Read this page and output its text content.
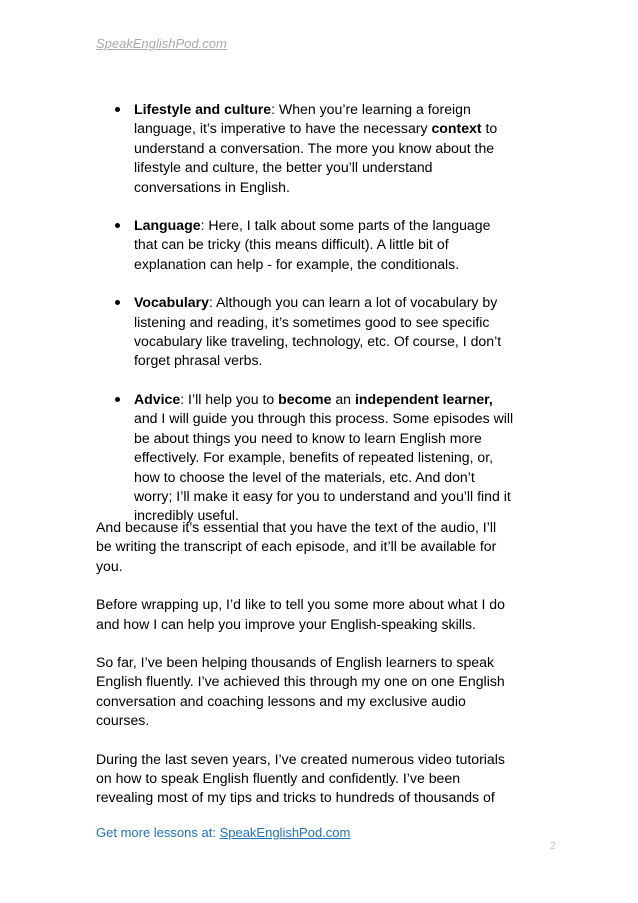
SpeakEnglishPod.com
Lifestyle and culture: When you’re learning a foreign
language, it’s imperative to have the necessary context to
understand a conversation. The more you know about the
lifestyle and culture, the better you’ll understand
conversations in English.
Language: Here, I talk about some parts of the language
that can be tricky (this means difficult). A little bit of
explanation can help - for example, the conditionals.
Vocabulary: Although you can learn a lot of vocabulary by
listening and reading, it’s sometimes good to see specific
vocabulary like traveling, technology, etc. Of course, I don’t
forget phrasal verbs.
Advice: I’ll help you to become an independent learner,
and I will guide you through this process. Some episodes will
be about things you need to know to learn English more
effectively. For example, benefits of repeated listening, or,
how to choose the level of the materials, etc. And don’t
worry; I’ll make it easy for you to understand and you’ll find it
incredibly useful.
And because it’s essential that you have the text of the audio, I’ll
be writing the transcript of each episode, and it’ll be available for
you.
Before wrapping up, I’d like to tell you some more about what I do
and how I can help you improve your English-speaking skills.
So far, I’ve been helping thousands of English learners to speak
English fluently. I’ve achieved this through my one on one English
conversation and coaching lessons and my exclusive audio
courses.
During the last seven years, I’ve created numerous video tutorials
on how to speak English fluently and confidently. I’ve been
revealing most of my tips and tricks to hundreds of thousands of
Get more lessons at: SpeakEnglishPod.com
2
